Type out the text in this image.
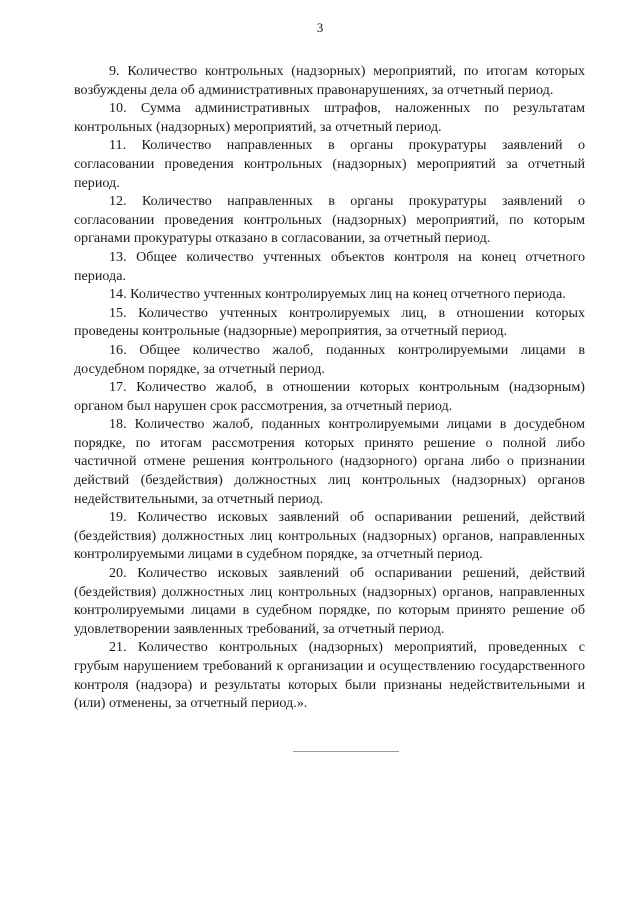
3

9. Количество контрольных (надзорных) мероприятий, по итогам которых возбуждены дела об административных правонарушениях, за отчетный период.

10. Сумма административных штрафов, наложенных по результатам контрольных (надзорных) мероприятий, за отчетный период.

11. Количество направленных в органы прокуратуры заявлений о согласовании проведения контрольных (надзорных) мероприятий за отчетный период.

12. Количество направленных в органы прокуратуры заявлений о согласовании проведения контрольных (надзорных) мероприятий, по которым органами прокуратуры отказано в согласовании, за отчетный период.

13. Общее количество учтенных объектов контроля на конец отчетного периода.

14. Количество учтенных контролируемых лиц на конец отчетного периода.

15. Количество учтенных контролируемых лиц, в отношении которых проведены контрольные (надзорные) мероприятия, за отчетный период.

16. Общее количество жалоб, поданных контролируемыми лицами в досудебном порядке, за отчетный период.

17. Количество жалоб, в отношении которых контрольным (надзорным) органом был нарушен срок рассмотрения, за отчетный период.

18. Количество жалоб, поданных контролируемыми лицами в досудебном порядке, по итогам рассмотрения которых принято решение о полной либо частичной отмене решения контрольного (надзорного) органа либо о признании действий (бездействия) должностных лиц контрольных (надзорных) органов недействительными, за отчетный период.

19. Количество исковых заявлений об оспаривании решений, действий (бездействия) должностных лиц контрольных (надзорных) органов, направленных контролируемыми лицами в судебном порядке, за отчетный период.

20. Количество исковых заявлений об оспаривании решений, действий (бездействия) должностных лиц контрольных (надзорных) органов, направленных контролируемыми лицами в судебном порядке, по которым принято решение об удовлетворении заявленных требований, за отчетный период.

21. Количество контрольных (надзорных) мероприятий, проведенных с грубым нарушением требований к организации и осуществлению государственного контроля (надзора) и результаты которых были признаны недействительными и (или) отменены, за отчетный период.».
